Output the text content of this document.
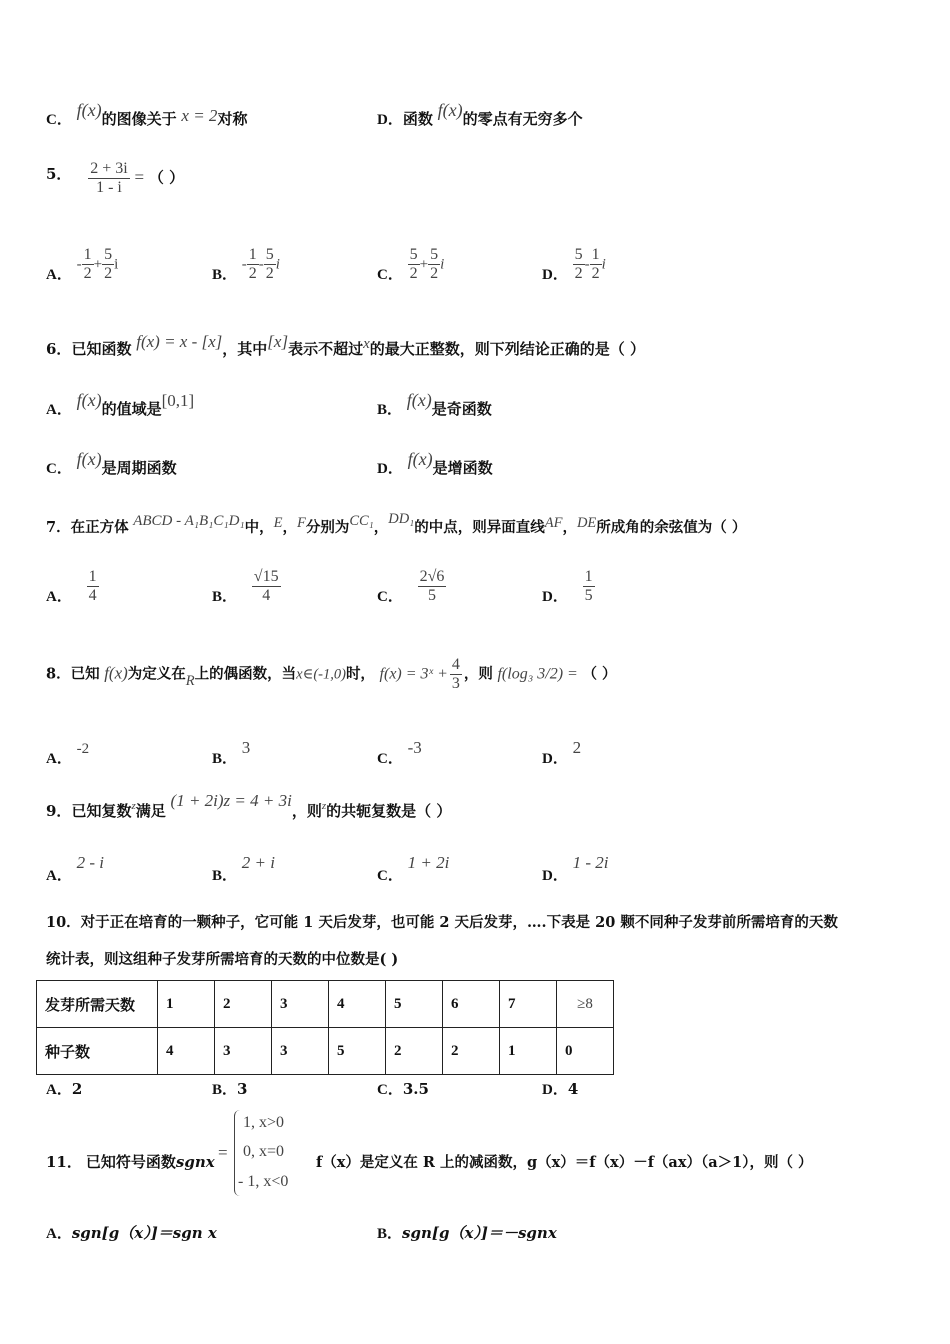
C． f(x)的图像关于 x = 2对称	D．函数 f(x)的零点有无穷多个
5． $\frac{2 + 3i}{1 - i}$ = （ ）
A． - $\frac{1}{2} + \frac{5}{2}$ i
B． - $\frac{1}{2} - \frac{5}{2}$ i
C． $\frac{5}{2} + \frac{5}{2}$ i
D． $\frac{5}{2} - \frac{1}{2}$ i
6．已知函数 f(x) = x - [x]，其中[x]表示不超过x的最大正整数，则下列结论正确的是（ ）
A． f(x)的值域是[0,1]	B． f(x)是奇函数
C． f(x)是周期函数	D． f(x)是增函数
7．在正方体 ABCD - A₁B₁C₁D₁中，E，F分别为CC₁，DD₁的中点，则异面直线AF，DE所成角的余弦值为（ ）
A． $\frac{1}{4}$	B． $\frac{√15}{4}$	C． $\frac{2√6}{5}$	D． $\frac{1}{5}$
8．已知 f(x)为定义在R上的偶函数，当x∈(-1,0)时， f(x) = 3ˣ + $\frac{4}{3}$ ，则 f(log₃ 3/2) = （ ）
A． -2
B． 3
C． -3
D． 2
9．已知复数$^z$满足 (1 + 2i)z = 4 + 3i，则$^z$的共轭复数是（ ）
A． 2 - i
B． 2 + i
C． 1 + 2i
D． 1 - 2i
10．对于正在培育的一颗种子，它可能 1 天后发芽，也可能 2 天后发芽，….下表是 20 颗不同种子发芽前所需培育的天数
统计表，则这组种子发芽所需培育的天数的中位数是( )
发芽所需天数	1	2	3	4	5	6	7	≥8
种子数	4	3	3	5	2	2	1	0
A．2	B．3	C．3.5	D．4
11． 已知符号函数sgnx =
1, x>0
0, x=0
- 1, x<0
f（x）是定义在 R 上的减函数，g（x）＝f（x）－f（ax）（a＞1），则（ ）
A．sgn[g（x）]＝sgn x	B．sgn[g（x）]＝－sgnx
